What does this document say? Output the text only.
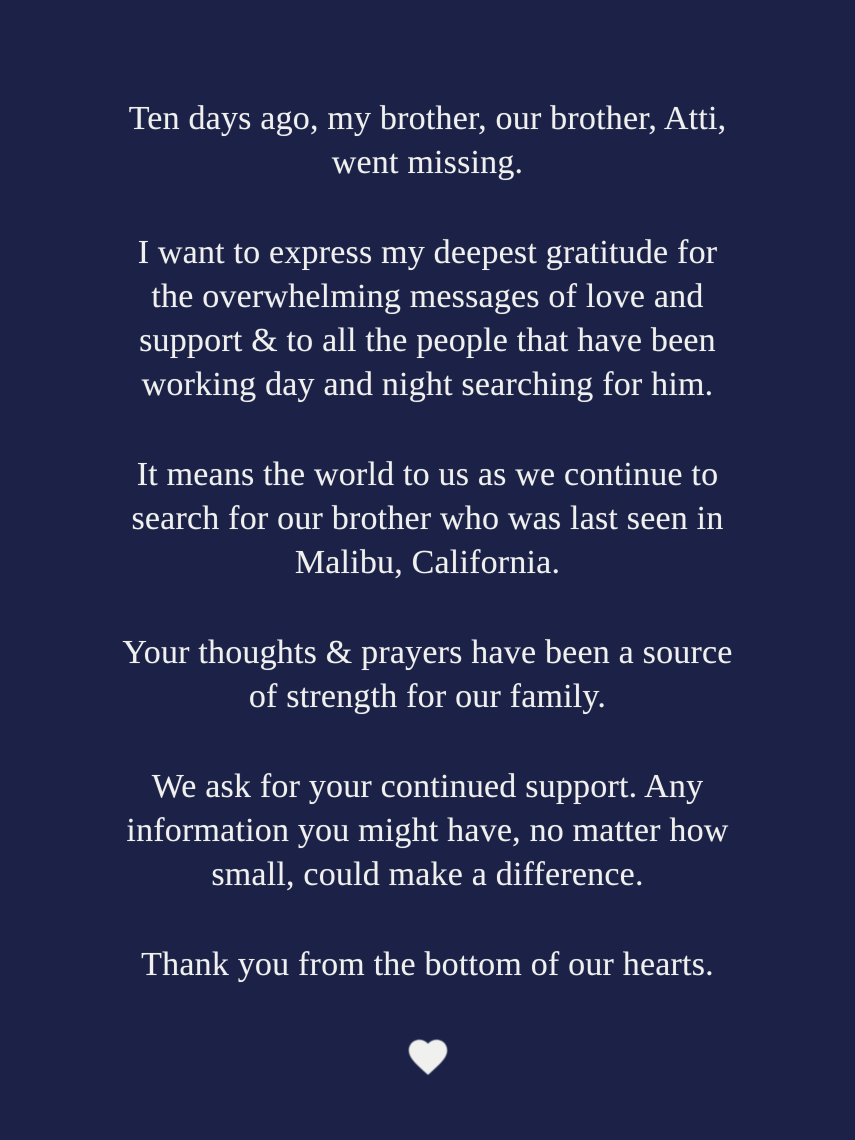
Ten days ago, my brother, our brother, Atti,
went missing.

I want to express my deepest gratitude for
the overwhelming messages of love and
support & to all the people that have been
working day and night searching for him.

It means the world to us as we continue to
search for our brother who was last seen in
Malibu, California.

Your thoughts & prayers have been a source
of strength for our family.

We ask for your continued support. Any
information you might have, no matter how
small, could make a difference.

Thank you from the bottom of our hearts.
